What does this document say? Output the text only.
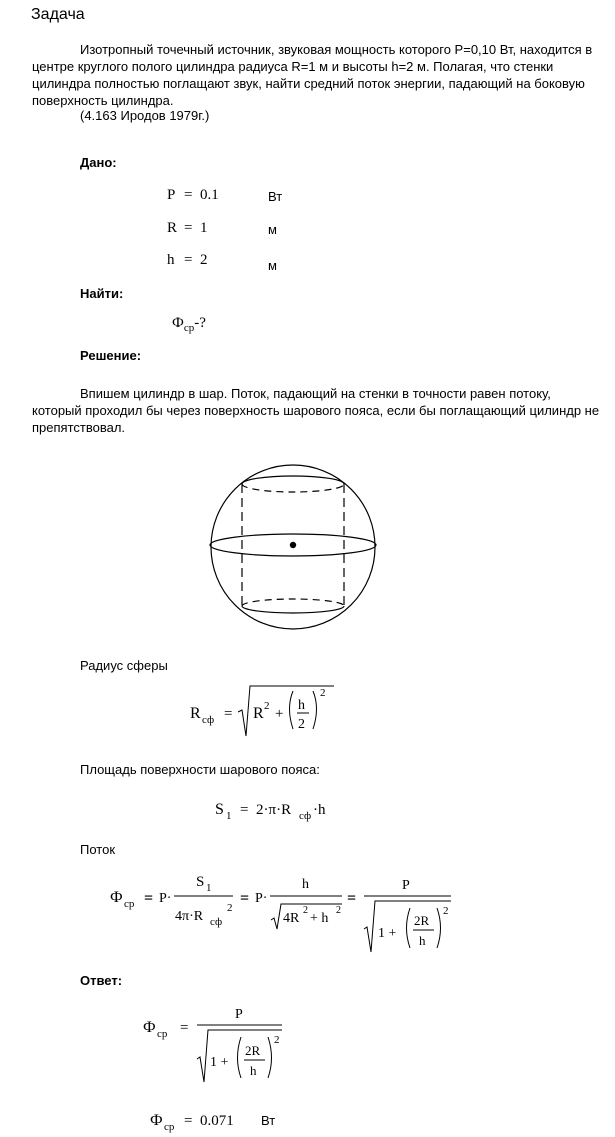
Задача
Изотропный точечный источник, звуковая мощность которого P=0,10 Вт, находится в центре круглого полого цилиндра радиуса R=1 м и высоты h=2 м. Полагая, что стенки цилиндра полностью поглащают звук, найти средний поток энергии, падающий на боковую поверхность цилиндра.
(4.163 Иродов 1979г.)
Дано:
P = 0.1	Вт
R = 1	м
h = 2	м
Найти:
$Ф_{ср}-$?
Решение:
Впишем цилиндр в шар. Поток, падающий на стенки в точности равен потоку, который проходил бы через поверхность шарового пояса, если бы поглащающий цилиндр не препятствовал.
Радиус сферы
R сф = R 2 +
h
2
2
Площадь поверхности шарового пояса:
S 1 = 2·π·R сф ·h
Поток
Ф ср = P·
S 1
4π·R сф
2
= P·
h
4R
2
+ h
2
=
P
1 +
2R
h
2
Ответ:
Ф ср =
P
1 +
2R
h
2
Ф ср = 0.071 Вт
